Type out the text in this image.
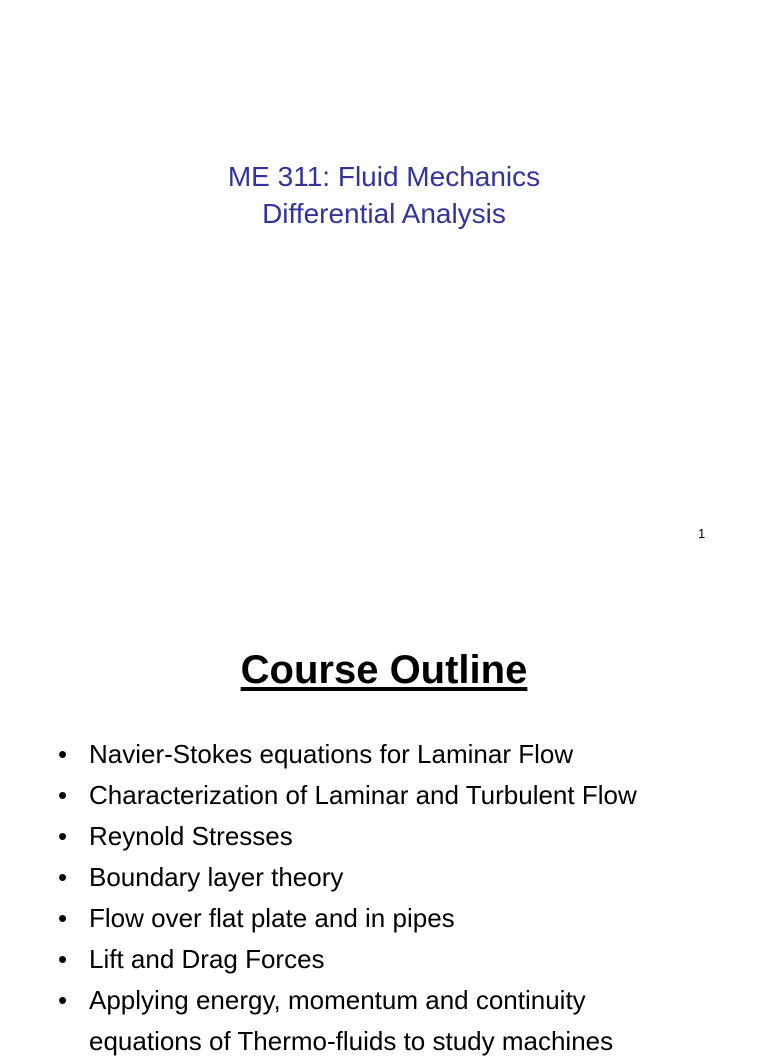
ME 311: Fluid Mechanics
Differential Analysis
1
Course Outline
• Navier-Stokes equations for Laminar Flow
• Characterization of Laminar and Turbulent Flow
• Reynold Stresses
• Boundary layer theory
• Flow over flat plate and in pipes
• Lift and Drag Forces
• Applying energy, momentum and continuity
equations of Thermo-fluids to study machines
